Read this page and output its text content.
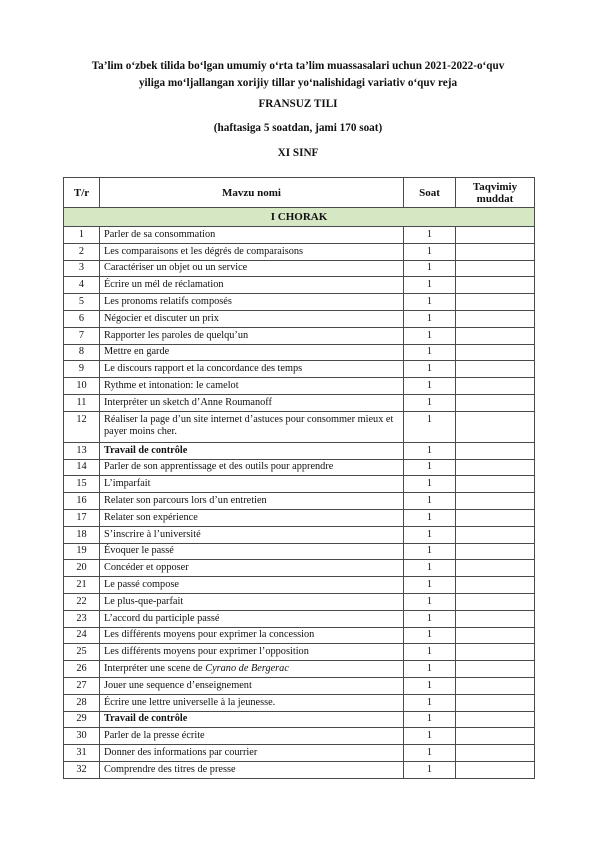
Ta’lim o‘zbek tilida bo‘lgan umumiy o‘rta ta’lim muassasalari uchun 2021-2022-o‘quv
yiliga mo‘ljallangan xorijiy tillar yo‘nalishidagi variativ o‘quv reja
FRANSUZ TILI
(haftasiga 5 soatdan, jami 170 soat)
XI SINF
T/r	Mavzu nomi	Soat	Taqvimiy muddat
I CHORAK			
1	Parler de sa consommation	1	
2	Les comparaisons et les dégrés de comparaisons	1	
3	Caractériser un objet ou un service	1	
4	Écrire un mél de réclamation	1	
5	Les pronoms relatifs composés	1	
6	Négocier et discuter un prix	1	
7	Rapporter les paroles de quelqu’un	1	
8	Mettre en garde	1	
9	Le discours rapport et la concordance des temps	1	
10	Rythme et intonation: le camelot	1	
11	Interpréter un sketch d’Anne Roumanoff	1	
12	Réaliser la page d’un site internet d’astuces pour consommer mieux et payer moins cher.	1	
13	Travail de contrôle	1	
14	Parler de son apprentissage et des outils pour apprendre	1	
15	L’imparfait	1	
16	Relater son parcours lors d’un entretien	1	
17	Relater son expérience	1	
18	S’inscrire à l’université	1	
19	Évoquer le passé	1	
20	Concéder et opposer	1	
21	Le passé compose	1	
22	Le plus-que-parfait	1	
23	L’accord du participle passé	1	
24	Les différents moyens pour exprimer la concession	1	
25	Les différents moyens pour exprimer l’opposition	1	
26	Interpréter une scene de Cyrano de Bergerac	1	
27	Jouer une sequence d’enseignement	1	
28	Écrire une lettre universelle à la jeunesse.	1	
29	Travail de contrôle	1	
30	Parler de la presse écrite	1	
31	Donner des informations par courrier	1	
32	Comprendre des titres de presse	1	
